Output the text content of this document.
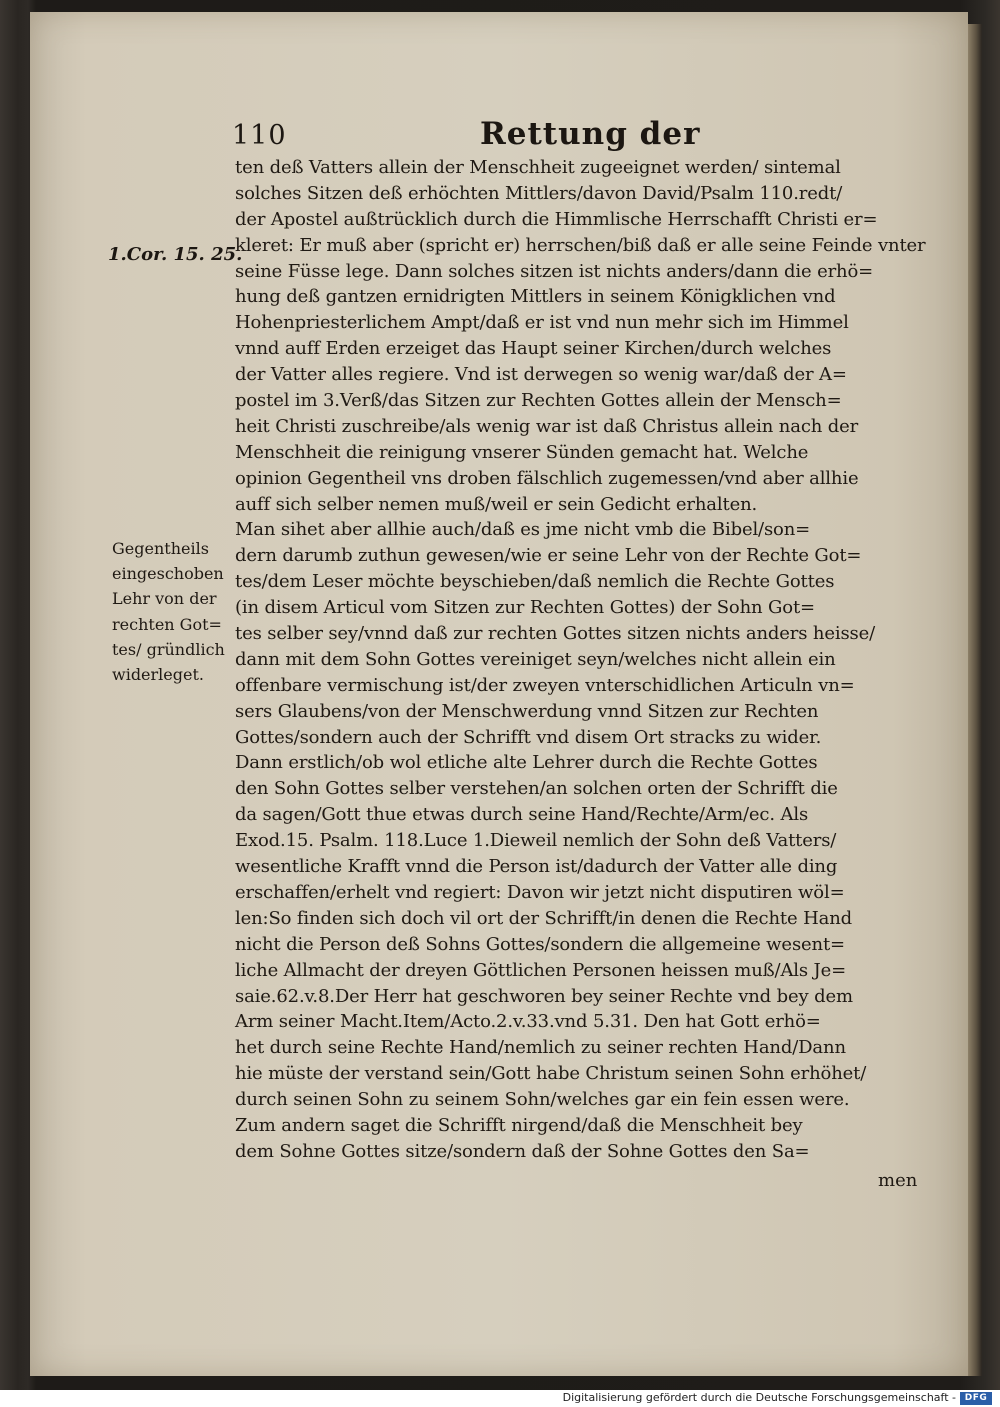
110	Rettung der
1.Cor. 15. 25.
Gegentheils
eingeschoben
Lehr von der
rechten Got=
tes/ gründlich
widerleget.
ten deß Vatters allein der Menschheit zugeeignet werden/ sintemal
solches Sitzen deß erhöchten Mittlers/davon David/Psalm 110.redt/
der Apostel außtrücklich durch die Himmlische Herrschafft Christi er=
kleret: Er muß aber (spricht er) herrschen/biß daß er alle seine Feinde vnter
seine Füsse lege. Dann solches sitzen ist nichts anders/dann die erhö=
hung deß gantzen ernidrigten Mittlers in seinem Königklichen vnd
Hohenpriesterlichem Ampt/daß er ist vnd nun mehr sich im Himmel
vnnd auff Erden erzeiget das Haupt seiner Kirchen/durch welches
der Vatter alles regiere. Vnd ist derwegen so wenig war/daß der A=
postel im 3.Verß/das Sitzen zur Rechten Gottes allein der Mensch=
heit Christi zuschreibe/als wenig war ist daß Christus allein nach der
Menschheit die reinigung vnserer Sünden gemacht hat. Welche
opinion Gegentheil vns droben fälschlich zugemessen/vnd aber allhie
auff sich selber nemen muß/weil er sein Gedicht erhalten.
Man sihet aber allhie auch/daß es jme nicht vmb die Bibel/son=
dern darumb zuthun gewesen/wie er seine Lehr von der Rechte Got=
tes/dem Leser möchte beyschieben/daß nemlich die Rechte Gottes
(in disem Articul vom Sitzen zur Rechten Gottes) der Sohn Got=
tes selber sey/vnnd daß zur rechten Gottes sitzen nichts anders heisse/
dann mit dem Sohn Gottes vereiniget seyn/welches nicht allein ein
offenbare vermischung ist/der zweyen vnterschidlichen Articuln vn=
sers Glaubens/von der Menschwerdung vnnd Sitzen zur Rechten
Gottes/sondern auch der Schrifft vnd disem Ort stracks zu wider.
Dann erstlich/ob wol etliche alte Lehrer durch die Rechte Gottes
den Sohn Gottes selber verstehen/an solchen orten der Schrifft die
da sagen/Gott thue etwas durch seine Hand/Rechte/Arm/ec. Als
Exod.15. Psalm. 118.Luce 1.Dieweil nemlich der Sohn deß Vatters/
wesentliche Krafft vnnd die Person ist/dadurch der Vatter alle ding
erschaffen/erhelt vnd regiert: Davon wir jetzt nicht disputiren wöl=
len:So finden sich doch vil ort der Schrifft/in denen die Rechte Hand
nicht die Person deß Sohns Gottes/sondern die allgemeine wesent=
liche Allmacht der dreyen Göttlichen Personen heissen muß/Als Je=
saie.62.v.8.Der Herr hat geschworen bey seiner Rechte vnd bey dem
Arm seiner Macht.Item/Acto.2.v.33.vnd 5.31. Den hat Gott erhö=
het durch seine Rechte Hand/nemlich zu seiner rechten Hand/Dann
hie müste der verstand sein/Gott habe Christum seinen Sohn erhöhet/
durch seinen Sohn zu seinem Sohn/welches gar ein fein essen were.
Zum andern saget die Schrifft nirgend/daß die Menschheit bey
dem Sohne Gottes sitze/sondern daß der Sohne Gottes den Sa=
men
Digitalisierung gefördert durch die Deutsche Forschungsgemeinschaft - DFG
